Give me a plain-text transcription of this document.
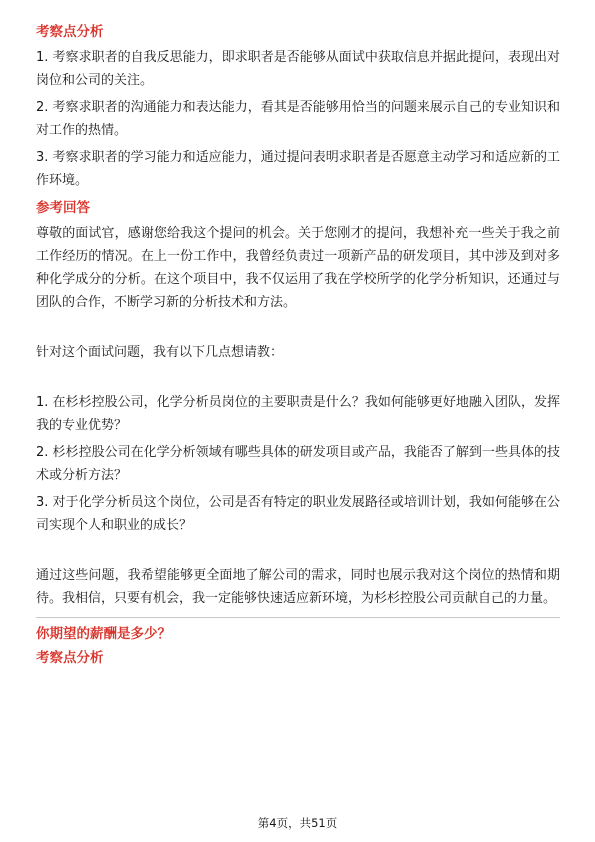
考察点分析

1. 考察求职者的自我反思能力，即求职者是否能够从面试中获取信息并据此提问，表现出对岗位和公司的关注。

2. 考察求职者的沟通能力和表达能力，看其是否能够用恰当的问题来展示自己的专业知识和对工作的热情。

3. 考察求职者的学习能力和适应能力，通过提问表明求职者是否愿意主动学习和适应新的工作环境。

参考回答

尊敬的面试官，感谢您给我这个提问的机会。关于您刚才的提问，我想补充一些关于我之前工作经历的情况。在上一份工作中，我曾经负责过一项新产品的研发项目，其中涉及到对多种化学成分的分析。在这个项目中，我不仅运用了我在学校所学的化学分析知识，还通过与团队的合作，不断学习新的分析技术和方法。

针对这个面试问题，我有以下几点想请教：

1. 在杉杉控股公司，化学分析员岗位的主要职责是什么？我如何能够更好地融入团队，发挥我的专业优势？

2. 杉杉控股公司在化学分析领域有哪些具体的研发项目或产品，我能否了解到一些具体的技术或分析方法？

3. 对于化学分析员这个岗位，公司是否有特定的职业发展路径或培训计划，我如何能够在公司实现个人和职业的成长？

通过这些问题，我希望能够更全面地了解公司的需求，同时也展示我对这个岗位的热情和期待。我相信，只要有机会，我一定能够快速适应新环境，为杉杉控股公司贡献自己的力量。

你期望的薪酬是多少？
考察点分析
第4页，共51页
